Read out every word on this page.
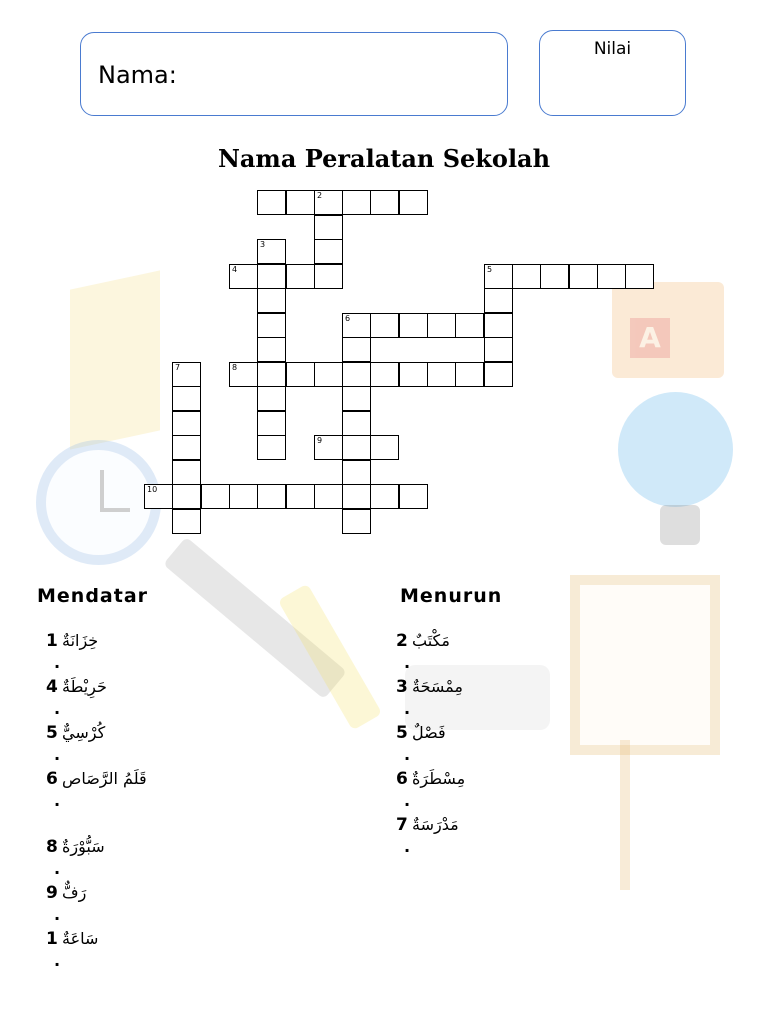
A
Nama:
Nilai
Nama Peralatan Sekolah
2
3
4	5
6
7	8
9
10
Mendatar	Menurun
1 خِزَانَةٌ
.
4 حَرِيْطَةٌ
.
5 كُرْسِيٌّ
.
6 قَلَمُ الرَّصَاص
.
8 سَبُّوْرَةٌ
.
9 رَفٌّ
.
1 سَاعَةٌ
.
2 مَكْتَبٌ
.
3 مِمْسَحَةٌ
.
5 فَصْلٌ
.
6 مِسْطَرَةٌ
.
7 مَدْرَسَةٌ
.
